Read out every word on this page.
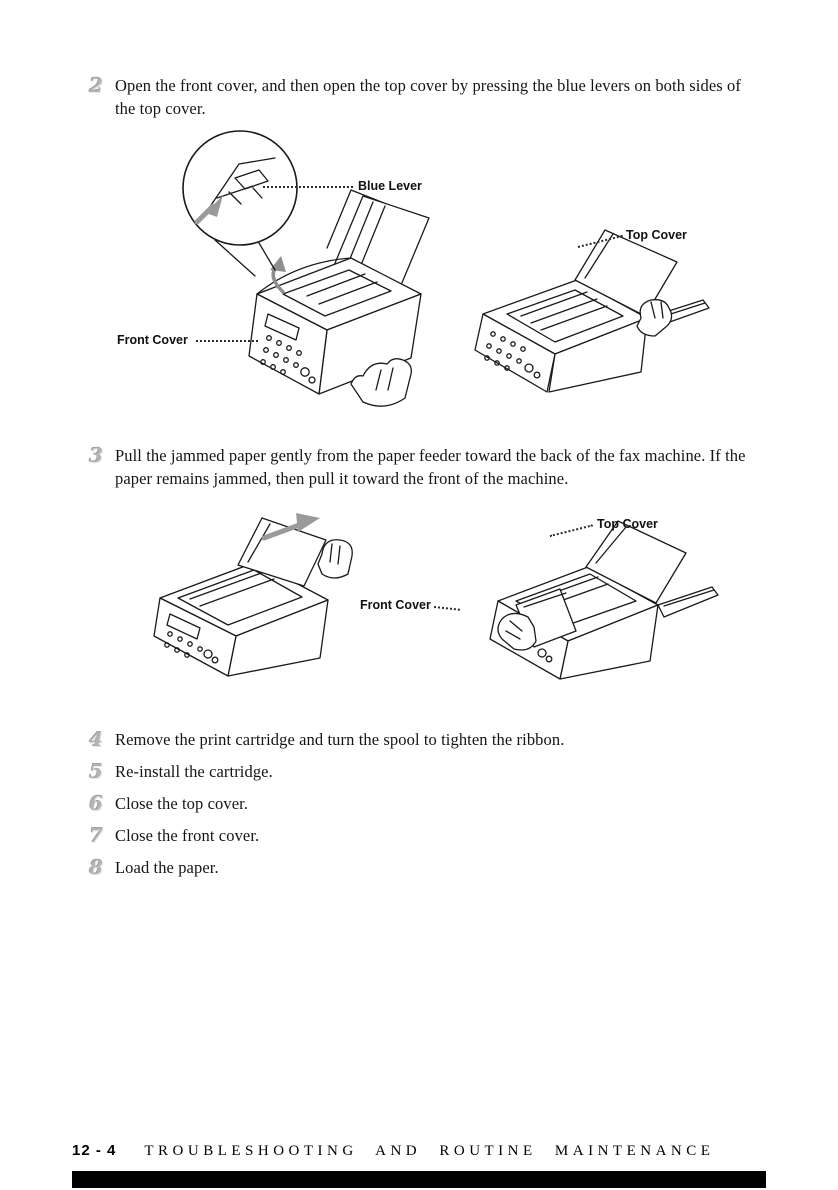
2 Open the front cover, and then open the top cover by pressing the blue levers on both sides of the top cover.

Blue Lever
Top Cover
Front Cover
3 Pull the jammed paper gently from the paper feeder toward the back of the fax machine. If the paper remains jammed, then pull it toward the front of the machine.

Top Cover
Front Cover
4 Remove the print cartridge and turn the spool to tighten the ribbon.

5 Re-install the cartridge.

6 Close the top cover.

7 Close the front cover.

8 Load the paper.

12 - 4 TROUBLESHOOTING AND ROUTINE MAINTENANCE
